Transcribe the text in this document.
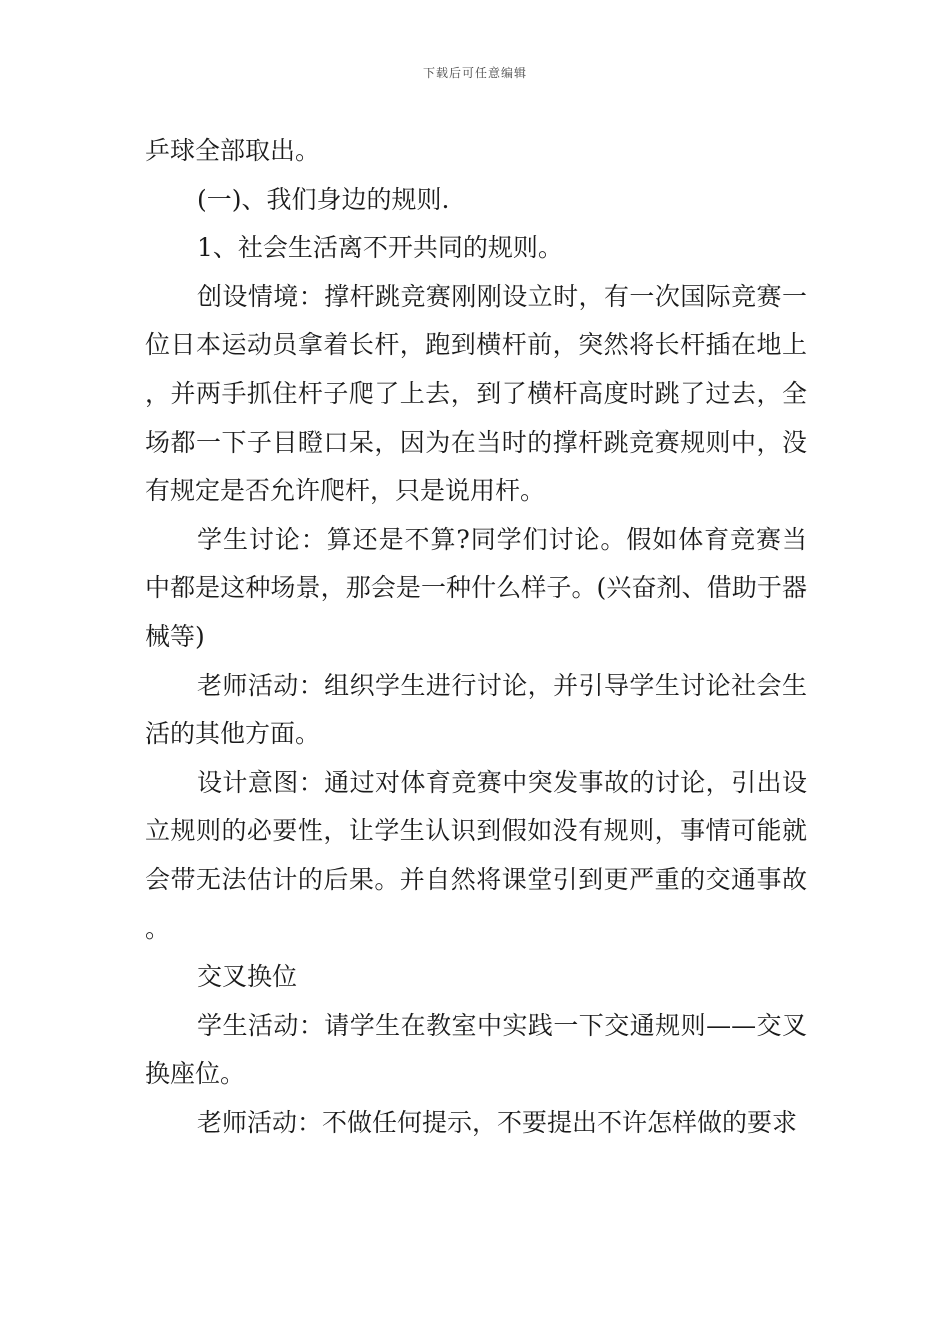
下载后可任意编辑

乒球全部取出。

(一)、我们身边的规则.

1、社会生活离不开共同的规则。

创设情境：撑杆跳竞赛刚刚设立时，有一次国际竞赛一位日本运动员拿着长杆，跑到横杆前，突然将长杆插在地上，并两手抓住杆子爬了上去，到了横杆高度时跳了过去，全场都一下子目瞪口呆，因为在当时的撑杆跳竞赛规则中，没有规定是否允许爬杆，只是说用杆。

学生讨论：算还是不算?同学们讨论。假如体育竞赛当中都是这种场景，那会是一种什么样子。(兴奋剂、借助于器械等)

老师活动：组织学生进行讨论，并引导学生讨论社会生活的其他方面。

设计意图：通过对体育竞赛中突发事故的讨论，引出设立规则的必要性，让学生认识到假如没有规则，事情可能就会带无法估计的后果。并自然将课堂引到更严重的交通事故。

交叉换位

学生活动：请学生在教室中实践一下交通规则——交叉换座位。

老师活动：不做任何提示，不要提出不许怎样做的要求
